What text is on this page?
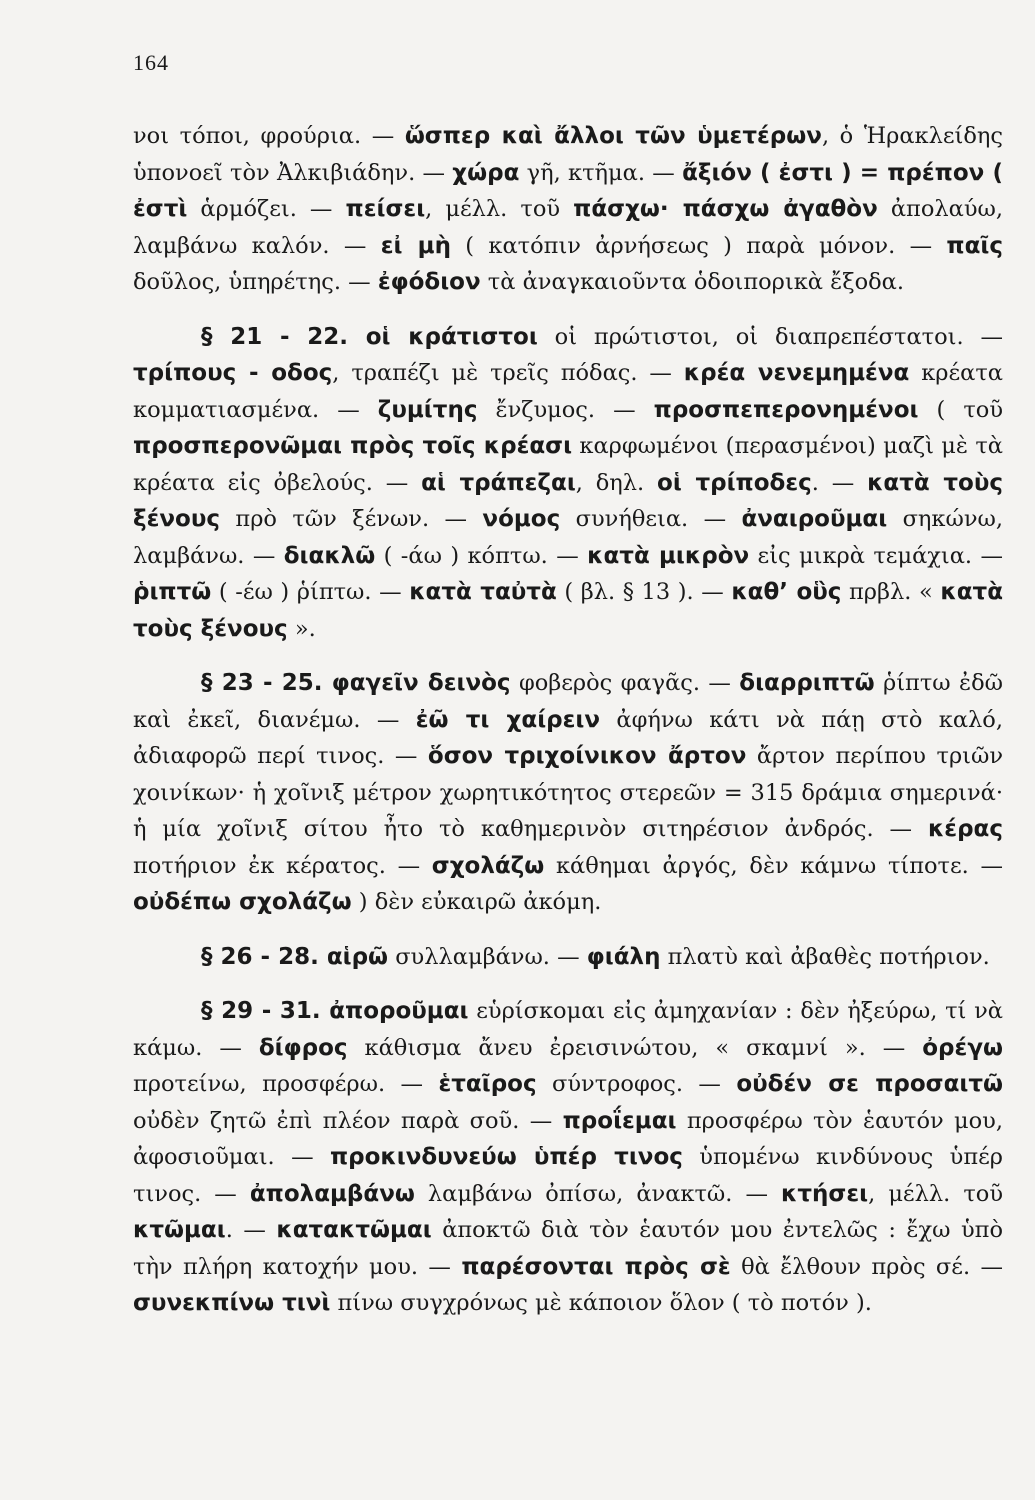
164

νοι τόποι, φρούρια. — ὥσπερ καὶ ἄλλοι τῶν ὑμετέρων, ὁ Ἡρακλείδης ὑπονοεῖ τὸν Ἀλκιβιάδην. — χώρα γῆ, κτῆμα. — ἄξιόν ( ἐστι ) = πρέπον ( ἐστὶ ἁρμόζει. — πείσει, μέλλ. τοῦ πάσχω· πάσχω ἀγαθὸν ἀπολαύω, λαμβάνω καλόν. — εἰ μὴ ( κατόπιν ἀρνήσεως ) παρὰ μόνον. — παῖς δοῦλος, ὑπηρέτης. — ἐφόδιον τὰ ἀναγκαιοῦντα ὁδοιπορικὰ ἔξοδα.

§ 21 - 22. οἱ κράτιστοι οἱ πρώτιστοι, οἱ διαπρεπέστατοι. — τρίπους - οδος, τραπέζι μὲ τρεῖς πόδας. — κρέα νενεμημένα κρέατα κομματιασμένα. — ζυμίτης ἔνζυμος. — προσπεπερονημένοι ( τοῦ προσπερονῶμαι πρὸς τοῖς κρέασι καρφωμένοι (περασμένοι) μαζὶ μὲ τὰ κρέατα εἰς ὀβελούς. — αἱ τράπεζαι, δηλ. οἱ τρίποδες. — κατὰ τοὺς ξένους πρὸ τῶν ξένων. — νόμος συνήθεια. — ἀναιροῦμαι σηκώνω, λαμβάνω. — διακλῶ ( -άω ) κόπτω. — κατὰ μικρὸν εἰς μικρὰ τεμάχια. — ῥιπτῶ ( -έω ) ῥίπτω. — κατὰ ταὐτὰ ( βλ. § 13 ). — καθ’ οὓς πρβλ. « κατὰ τοὺς ξένους ».

§ 23 - 25. φαγεῖν δεινὸς φοβερὸς φαγᾶς. — διαρριπτῶ ῥίπτω ἐδῶ καὶ ἐκεῖ, διανέμω. — ἐῶ τι χαίρειν ἀφήνω κάτι νὰ πάῃ στὸ καλό, ἀδιαφορῶ περί τινος. — ὅσον τριχοίνικον ἄρτον ἄρτον περίπου τριῶν χοινίκων· ἡ χοῖνιξ μέτρον χωρητικότητος στερεῶν = 315 δράμια σημερινά· ἡ μία χοῖνιξ σίτου ἦτο τὸ καθημερινὸν σιτηρέσιον ἀνδρός. — κέρας ποτήριον ἐκ κέρατος. — σχολάζω κάθημαι ἀργός, δὲν κάμνω τίποτε. — οὐδέπω σχολάζω ) δὲν εὐκαιρῶ ἀκόμη.

§ 26 - 28. αἱρῶ συλλαμβάνω. — φιάλη πλατὺ καὶ ἀβαθὲς ποτήριον.

§ 29 - 31. ἀποροῦμαι εὑρίσκομαι εἰς ἀμηχανίαν : δὲν ἠξεύρω, τί νὰ κάμω. — δίφρος κάθισμα ἄνευ ἐρεισινώτου, « σκαμνί ». — ὀρέγω προτείνω, προσφέρω. — ἑταῖρος σύντροφος. — οὐδέν σε προσαιτῶ οὐδὲν ζητῶ ἐπὶ πλέον παρὰ σοῦ. — προΐεμαι προσφέρω τὸν ἑαυτόν μου, ἀφοσιοῦμαι. — προκινδυνεύω ὑπέρ τινος ὑπομένω κινδύνους ὑπέρ τινος. — ἀπολαμβάνω λαμβάνω ὀπίσω, ἀνακτῶ. — κτήσει, μέλλ. τοῦ κτῶμαι. — κατακτῶμαι ἀποκτῶ διὰ τὸν ἑαυτόν μου ἐντελῶς : ἔχω ὑπὸ τὴν πλήρη κατοχήν μου. — παρέσονται πρὸς σὲ θὰ ἔλθουν πρὸς σέ. — συνεκπίνω τινὶ πίνω συγχρόνως μὲ κάποιον ὅλον ( τὸ ποτόν ).
